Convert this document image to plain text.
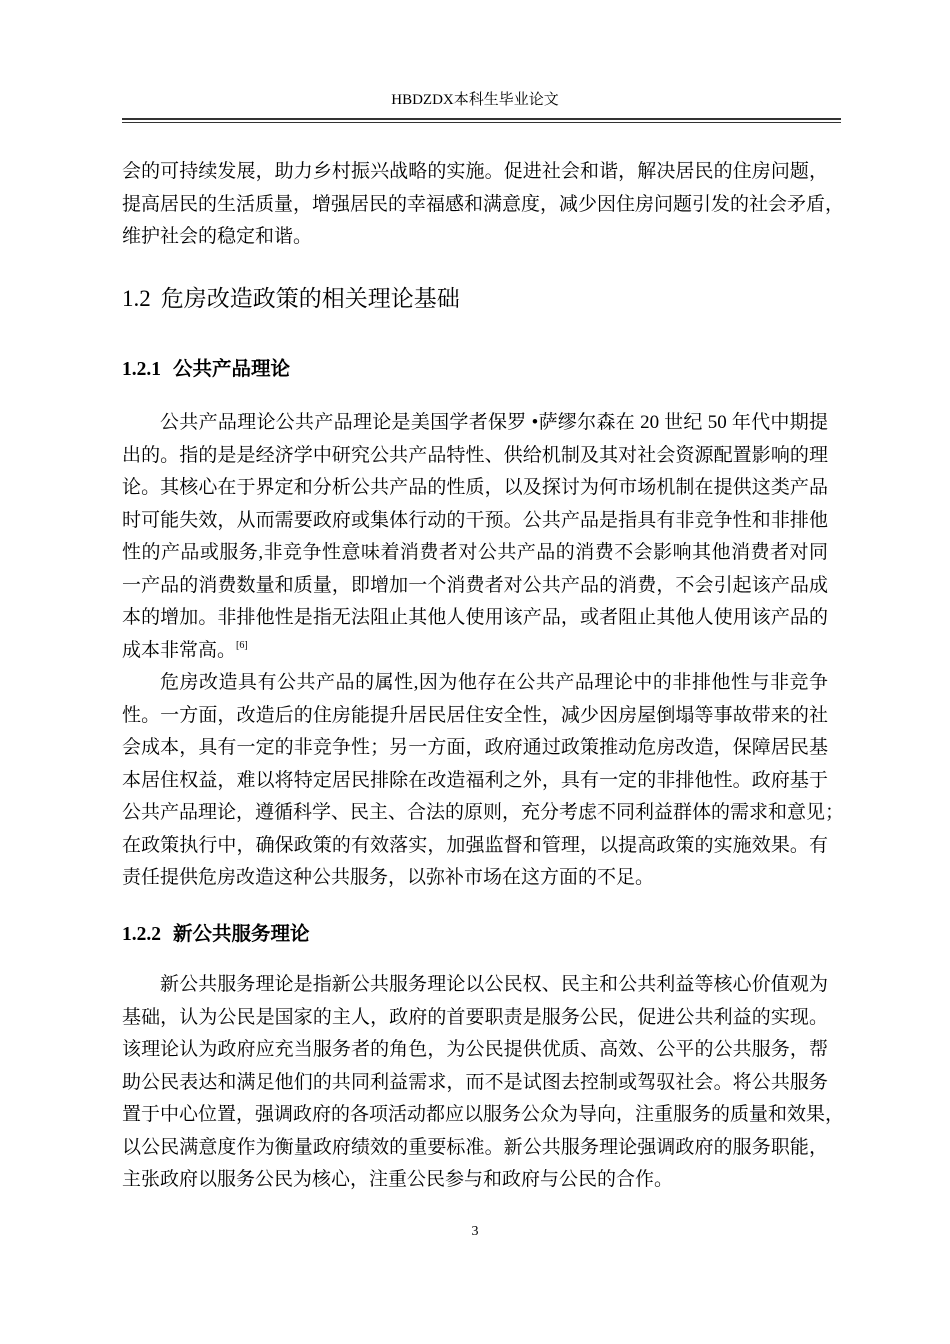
HBDZDX本科生毕业论文
会的可持续发展，助力乡村振兴战略的实施。促进社会和谐，解决居民的住房问题，
提高居民的生活质量，增强居民的幸福感和满意度，减少因住房问题引发的社会矛盾，
维护社会的稳定和谐。
1.2 危房改造政策的相关理论基础
1.2.1 公共产品理论
公共产品理论公共产品理论是美国学者保罗 •萨缪尔森在 20 世纪 50 年代中期提
出的。指的是是经济学中研究公共产品特性、供给机制及其对社会资源配置影响的理
论。其核心在于界定和分析公共产品的性质，以及探讨为何市场机制在提供这类产品
时可能失效，从而需要政府或集体行动的干预。公共产品是指具有非竞争性和非排他
性的产品或服务,非竞争性意味着消费者对公共产品的消费不会影响其他消费者对同
一产品的消费数量和质量，即增加一个消费者对公共产品的消费，不会引起该产品成
本的增加。非排他性是指无法阻止其他人使用该产品，或者阻止其他人使用该产品的
成本非常高。[6]
危房改造具有公共产品的属性,因为他存在公共产品理论中的非排他性与非竞争
性。一方面，改造后的住房能提升居民居住安全性，减少因房屋倒塌等事故带来的社
会成本，具有一定的非竞争性；另一方面，政府通过政策推动危房改造，保障居民基
本居住权益，难以将特定居民排除在改造福利之外，具有一定的非排他性。政府基于
公共产品理论，遵循科学、民主、合法的原则，充分考虑不同利益群体的需求和意见；
在政策执行中，确保政策的有效落实，加强监督和管理，以提高政策的实施效果。有
责任提供危房改造这种公共服务，以弥补市场在这方面的不足。
1.2.2 新公共服务理论
新公共服务理论是指新公共服务理论以公民权、民主和公共利益等核心价值观为
基础，认为公民是国家的主人，政府的首要职责是服务公民，促进公共利益的实现。
该理论认为政府应充当服务者的角色，为公民提供优质、高效、公平的公共服务，帮
助公民表达和满足他们的共同利益需求，而不是试图去控制或驾驭社会。将公共服务
置于中心位置，强调政府的各项活动都应以服务公众为导向，注重服务的质量和效果，
以公民满意度作为衡量政府绩效的重要标准。新公共服务理论强调政府的服务职能，
主张政府以服务公民为核心，注重公民参与和政府与公民的合作。
3
